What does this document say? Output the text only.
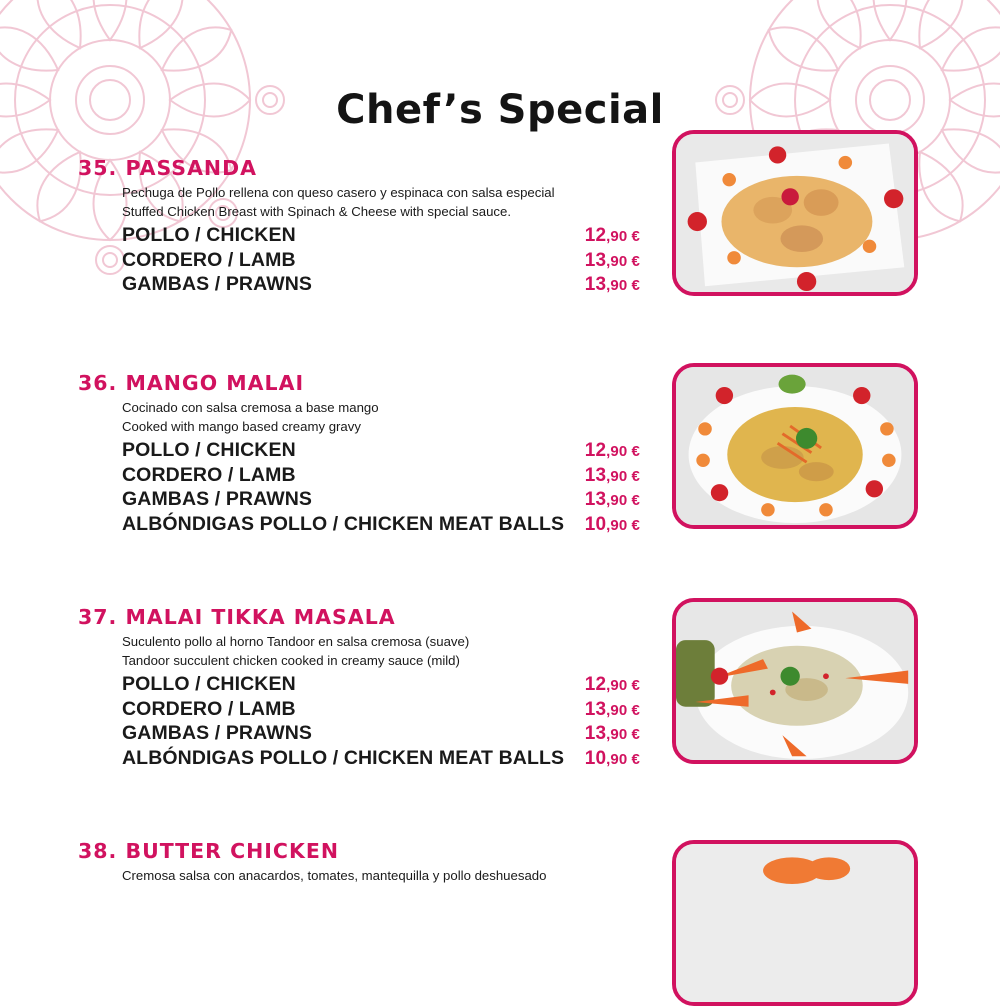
Chef’s Special
35. PASSANDA
Pechuga de Pollo rellena con queso casero y espinaca con salsa especial
Stuffed Chicken Breast with Spinach & Cheese with special sauce.
POLLO / CHICKEN	12,90 €
CORDERO / LAMB	13,90 €
GAMBAS / PRAWNS	13,90 €
36. MANGO MALAI
Cocinado con salsa cremosa a base mango
Cooked with mango based creamy gravy
POLLO / CHICKEN	12,90 €
CORDERO / LAMB	13,90 €
GAMBAS / PRAWNS	13,90 €
ALBÓNDIGAS POLLO / CHICKEN MEAT BALLS 10,90 €
37. MALAI TIKKA MASALA
Suculento pollo al horno Tandoor en salsa cremosa (suave)
Tandoor succulent chicken cooked in creamy sauce (mild)
POLLO / CHICKEN	12,90 €
CORDERO / LAMB	13,90 €
GAMBAS / PRAWNS	13,90 €
ALBÓNDIGAS POLLO / CHICKEN MEAT BALLS 10,90 €
38. BUTTER CHICKEN
Cremosa salsa con anacardos, tomates, mantequilla y pollo deshuesado
